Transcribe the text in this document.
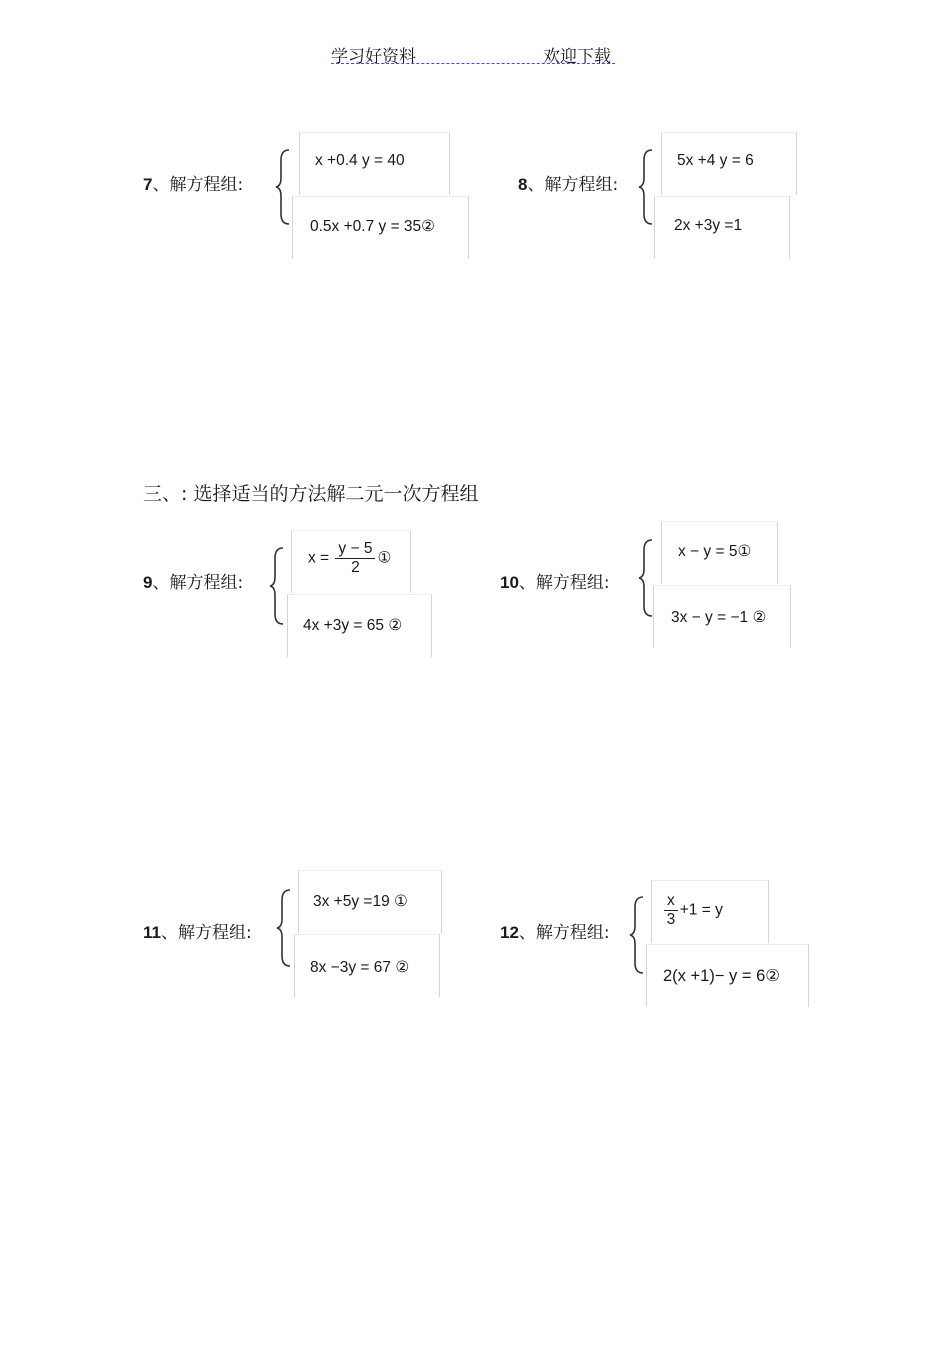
学习好资料	欢迎下载
7、解方程组:
x +0.4 y = 40
0.5x +0.7 y = 35②
8、解方程组:
5x +4 y = 6
2x +3y =1
三、: 选择适当的方法解二元一次方程组
9、解方程组:
$x = \frac{y - 5}{2}$ ①
4x +3y = 65 ②
10、解方程组:
x − y = 5①
3x − y = −1 ②
11、解方程组:
3x +5y =19 ①
8x −3y = 67 ②
12、解方程组:
$\frac{x}{3} +1 = y$
2(x +1)− y = 6②
